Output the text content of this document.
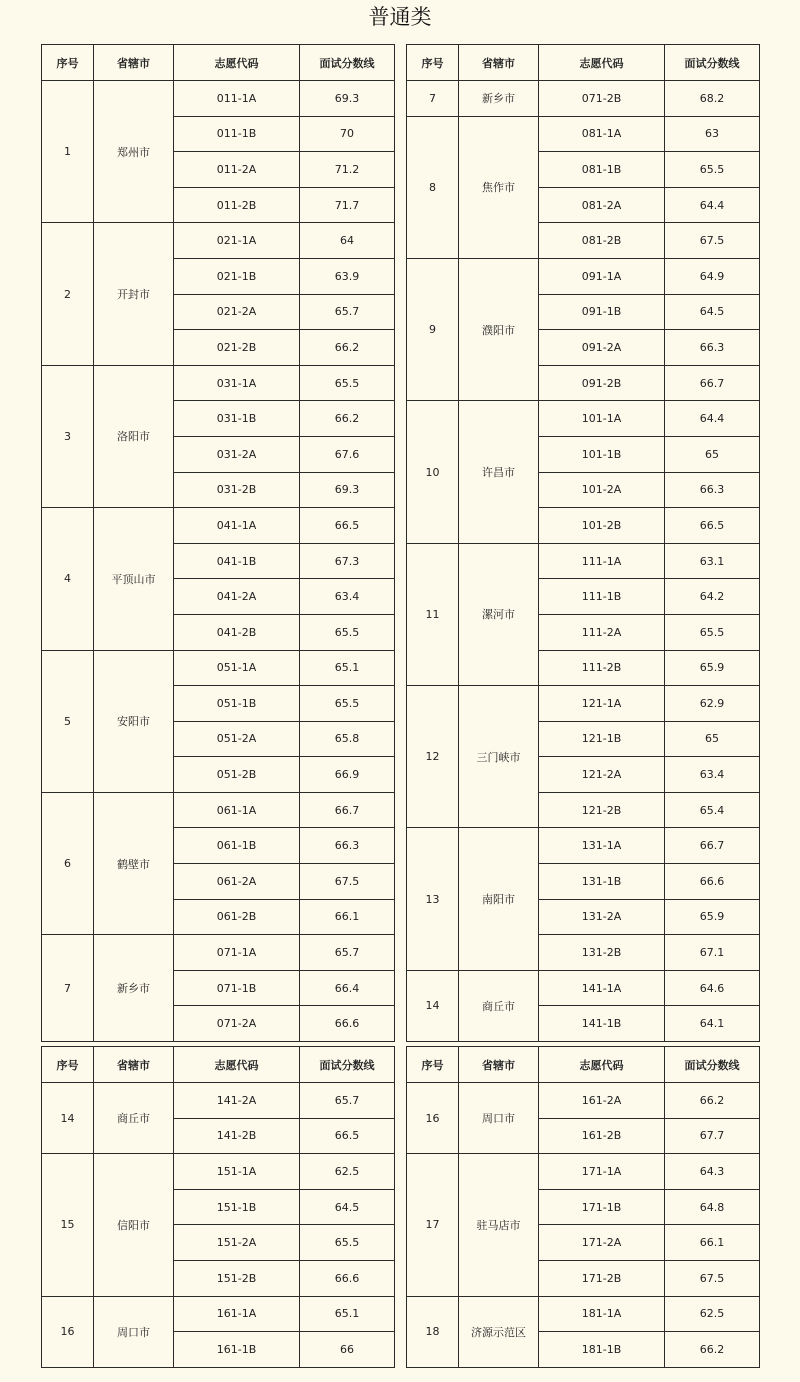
普通类
序号	省辖市	志愿代码	面试分数线
1	郑州市	011-1A	69.3
		011-1B	70
		011-2A	71.2
		011-2B	71.7
2	开封市	021-1A	64
		021-1B	63.9
		021-2A	65.7
		021-2B	66.2
3	洛阳市	031-1A	65.5
		031-1B	66.2
		031-2A	67.6
		031-2B	69.3
4	平顶山市	041-1A	66.5
		041-1B	67.3
		041-2A	63.4
		041-2B	65.5
5	安阳市	051-1A	65.1
		051-1B	65.5
		051-2A	65.8
		051-2B	66.9
6	鹤壁市	061-1A	66.7
		061-1B	66.3
		061-2A	67.5
		061-2B	66.1
7	新乡市	071-1A	65.7
		071-1B	66.4
		071-2A	66.6
序号	省辖市	志愿代码	面试分数线
7	新乡市	071-2B	68.2
8	焦作市	081-1A	63
		081-1B	65.5
		081-2A	64.4
		081-2B	67.5
9	濮阳市	091-1A	64.9
		091-1B	64.5
		091-2A	66.3
		091-2B	66.7
10	许昌市	101-1A	64.4
		101-1B	65
		101-2A	66.3
		101-2B	66.5
11	漯河市	111-1A	63.1
		111-1B	64.2
		111-2A	65.5
		111-2B	65.9
12	三门峡市	121-1A	62.9
		121-1B	65
		121-2A	63.4
		121-2B	65.4
13	南阳市	131-1A	66.7
		131-1B	66.6
		131-2A	65.9
		131-2B	67.1
14	商丘市	141-1A	64.6
		141-1B	64.1
序号	省辖市	志愿代码	面试分数线
14	商丘市	141-2A	65.7
		141-2B	66.5
15	信阳市	151-1A	62.5
		151-1B	64.5
		151-2A	65.5
		151-2B	66.6
16	周口市	161-1A	65.1
		161-1B	66
序号	省辖市	志愿代码	面试分数线
16	周口市	161-2A	66.2
		161-2B	67.7
17	驻马店市	171-1A	64.3
		171-1B	64.8
		171-2A	66.1
		171-2B	67.5
18	济源示范区	181-1A	62.5
		181-1B	66.2
